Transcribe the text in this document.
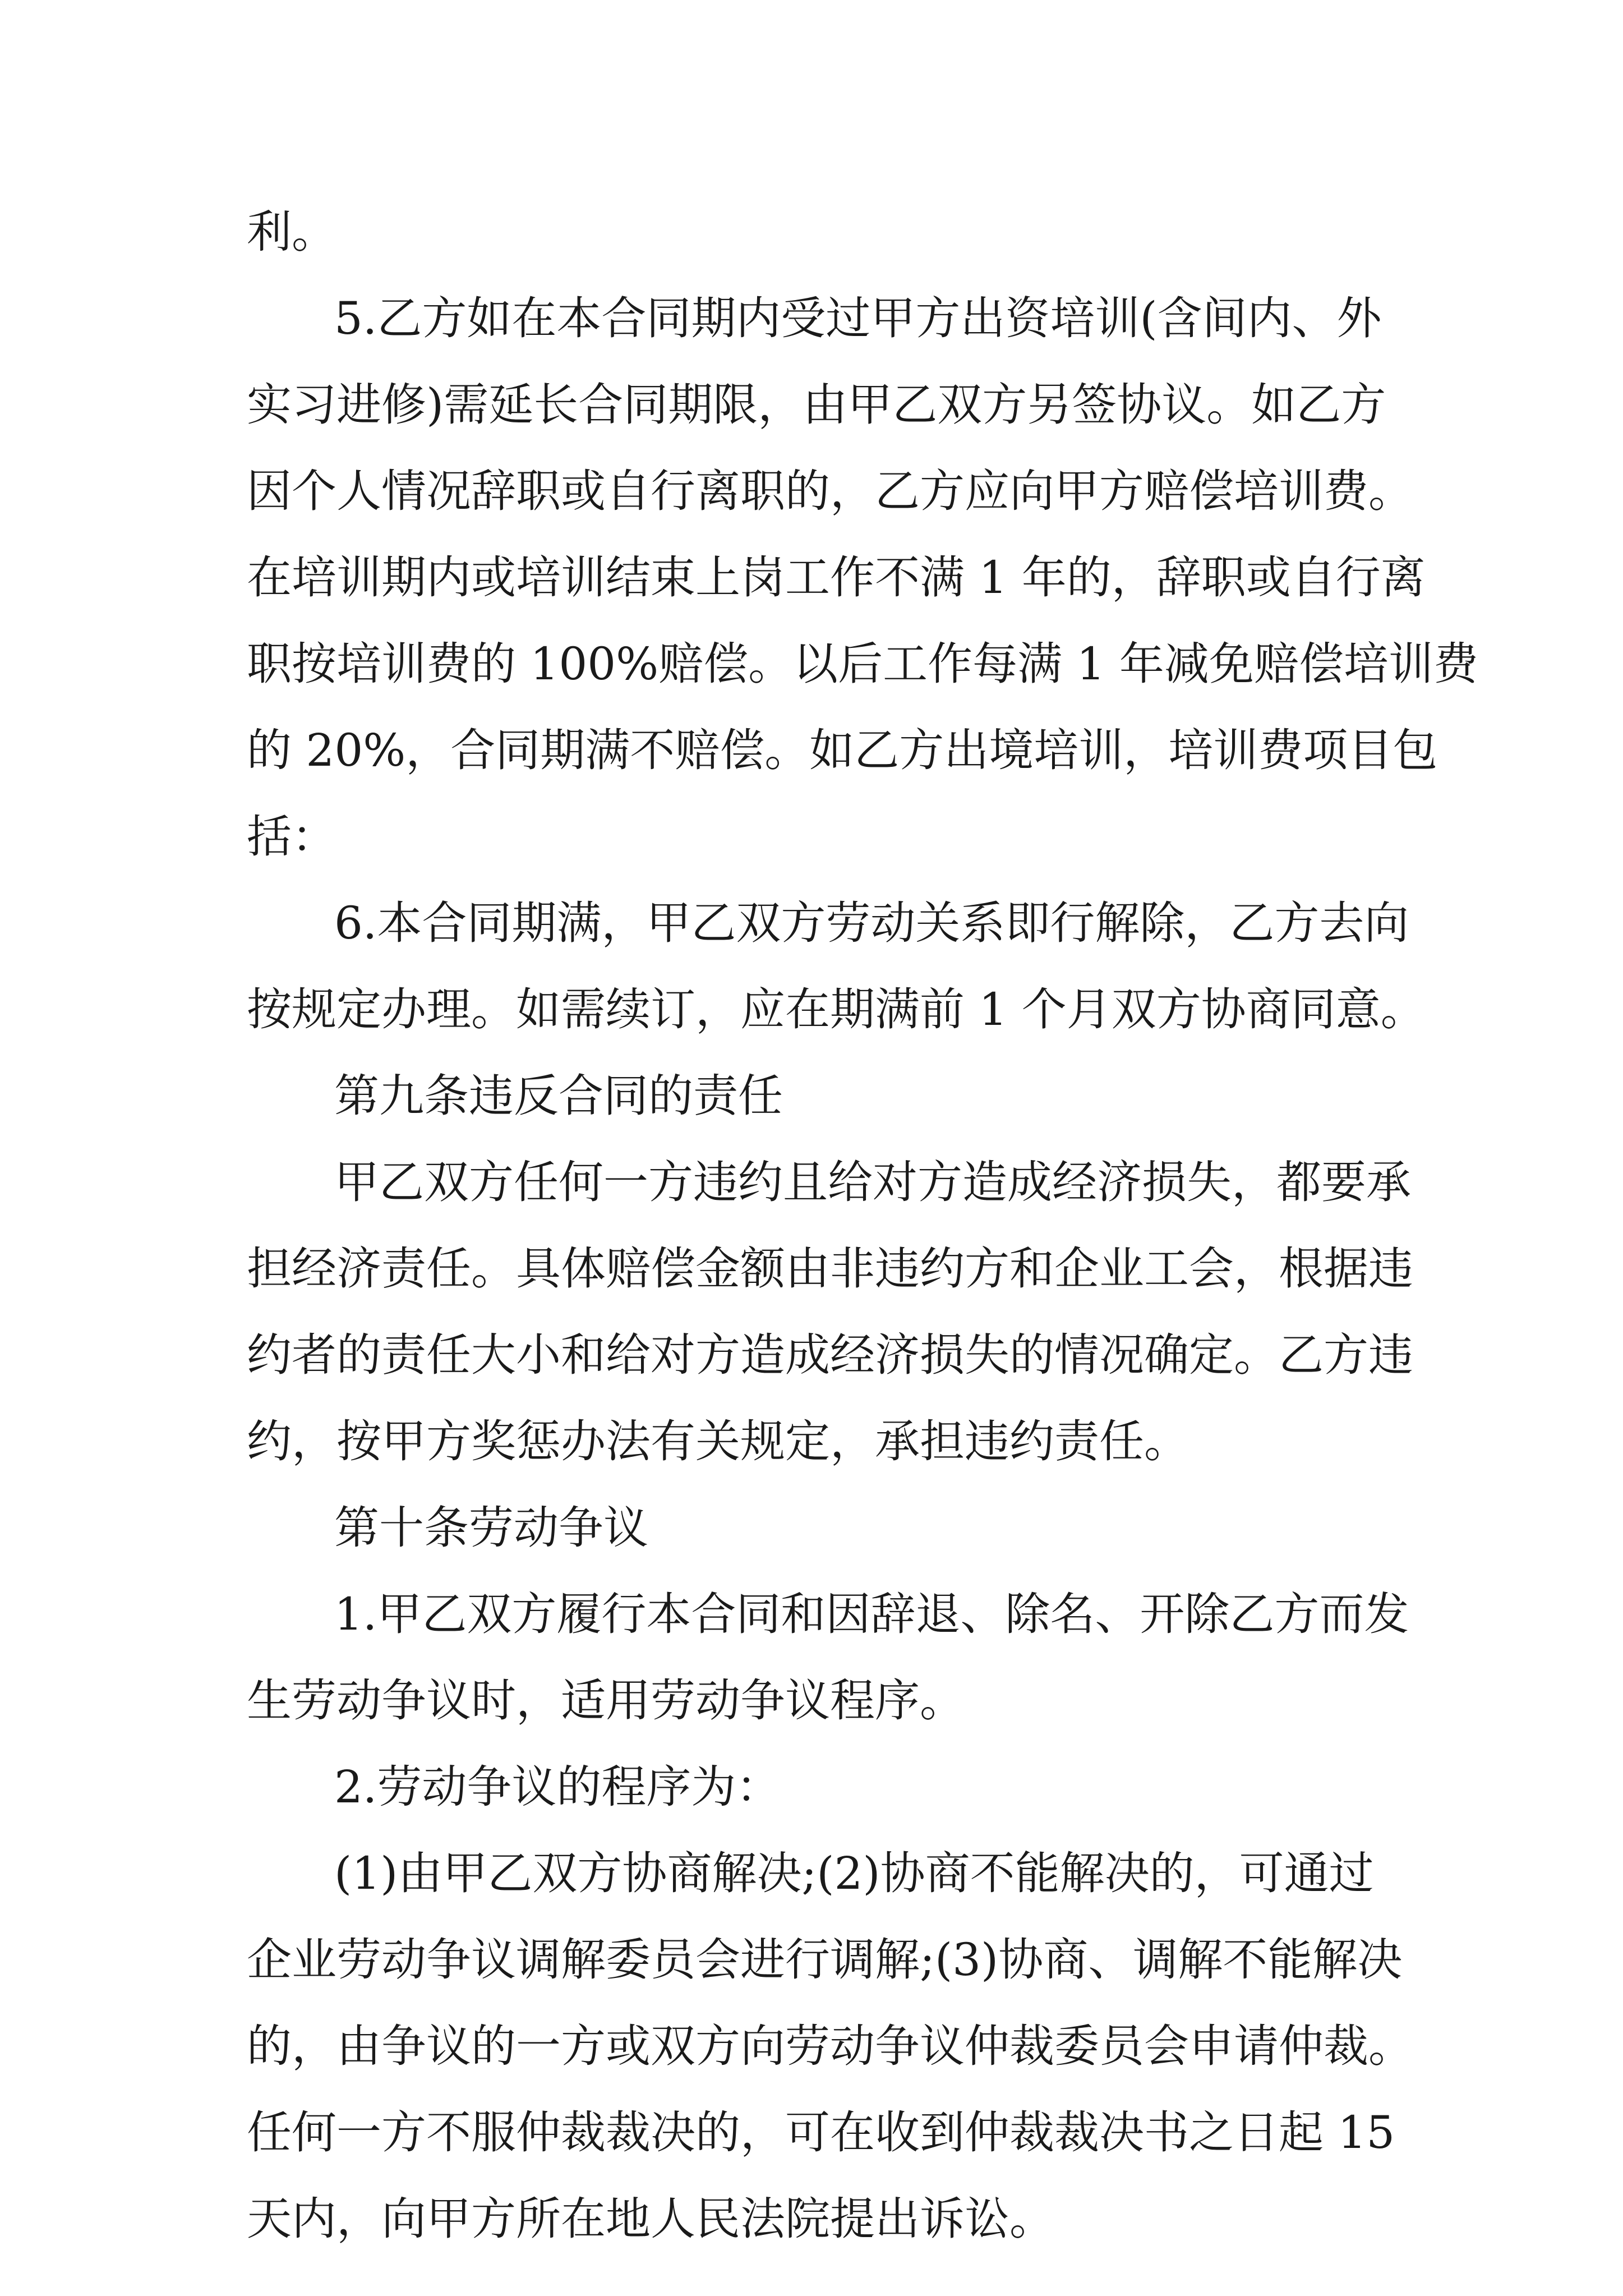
利。

5.乙方如在本合同期内受过甲方出资培训(含间内、外

实习进修)需延长合同期限，由甲乙双方另签协议。如乙方

因个人情况辞职或自行离职的，乙方应向甲方赔偿培训费。

在培训期内或培训结束上岗工作不满 1 年的，辞职或自行离

职按培训费的 100%赔偿。以后工作每满 1 年减免赔偿培训费

的 20%，合同期满不赔偿。如乙方出境培训，培训费项目包

括：

6.本合同期满，甲乙双方劳动关系即行解除，乙方去向

按规定办理。如需续订，应在期满前 1 个月双方协商同意。

第九条违反合同的责任

甲乙双方任何一方违约且给对方造成经济损失，都要承

担经济责任。具体赔偿金额由非违约方和企业工会，根据违

约者的责任大小和给对方造成经济损失的情况确定。乙方违

约，按甲方奖惩办法有关规定，承担违约责任。

第十条劳动争议

1.甲乙双方履行本合同和因辞退、除名、开除乙方而发

生劳动争议时，适用劳动争议程序。

2.劳动争议的程序为：

(1)由甲乙双方协商解决;(2)协商不能解决的，可通过

企业劳动争议调解委员会进行调解;(3)协商、调解不能解决

的，由争议的一方或双方向劳动争议仲裁委员会申请仲裁。

任何一方不服仲裁裁决的，可在收到仲裁裁决书之日起 15

天内，向甲方所在地人民法院提出诉讼。
